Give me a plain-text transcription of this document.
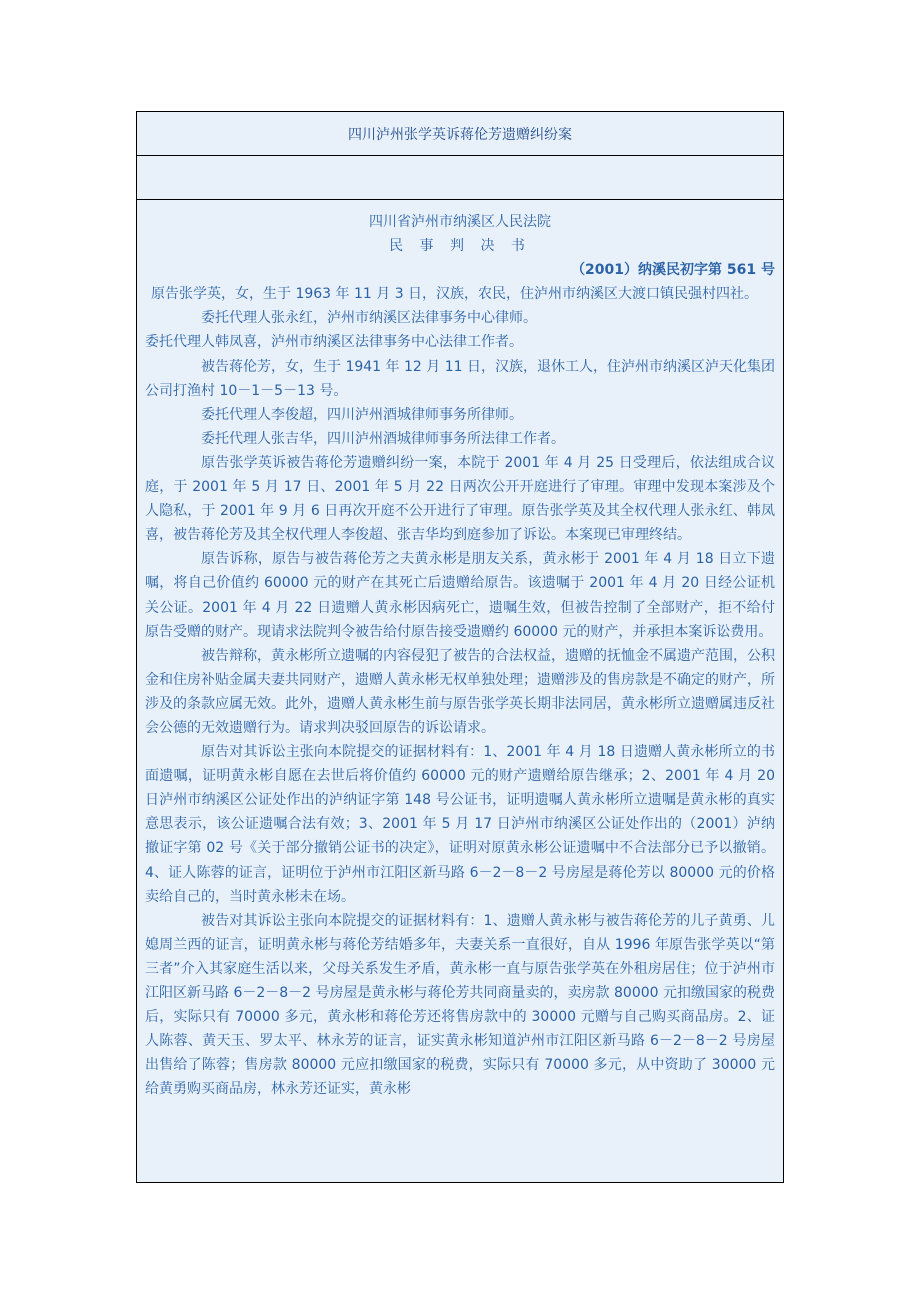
四川泸州张学英诉蒋伦芳遗赠纠纷案
四川省泸州市纳溪区人民法院
民 事 判 决 书
（2001）纳溪民初字第 561 号

原告张学英，女，生于 1963 年 11 月 3 日，汉族，农民，住泸州市纳溪区大渡口镇民强村四社。

委托代理人张永红，泸州市纳溪区法律事务中心律师。

委托代理人韩凤喜，泸州市纳溪区法律事务中心法律工作者。

被告蒋伦芳，女，生于 1941 年 12 月 11 日，汉族，退休工人，住泸州市纳溪区泸天化集团公司打渔村 10－1－5－13 号。

委托代理人李俊超，四川泸州酒城律师事务所律师。

委托代理人张吉华，四川泸州酒城律师事务所法律工作者。

原告张学英诉被告蒋伦芳遗赠纠纷一案，本院于 2001 年 4 月 25 日受理后，依法组成合议庭，于 2001 年 5 月 17 日、2001 年 5 月 22 日两次公开开庭进行了审理。审理中发现本案涉及个人隐私，于 2001 年 9 月 6 日再次开庭不公开进行了审理。原告张学英及其全权代理人张永红、韩凤喜，被告蒋伦芳及其全权代理人李俊超、张吉华均到庭参加了诉讼。本案现已审理终结。

原告诉称，原告与被告蒋伦芳之夫黄永彬是朋友关系，黄永彬于 2001 年 4 月 18 日立下遗嘱，将自己价值约 60000 元的财产在其死亡后遗赠给原告。该遗嘱于 2001 年 4 月 20 日经公证机关公证。2001 年 4 月 22 日遗赠人黄永彬因病死亡，遗嘱生效，但被告控制了全部财产，拒不给付原告受赠的财产。现请求法院判令被告给付原告接受遗赠约 60000 元的财产，并承担本案诉讼费用。

被告辩称，黄永彬所立遗嘱的内容侵犯了被告的合法权益，遗赠的抚恤金不属遗产范围，公积金和住房补贴金属夫妻共同财产，遗赠人黄永彬无权单独处理；遗赠涉及的售房款是不确定的财产，所涉及的条款应属无效。此外，遗赠人黄永彬生前与原告张学英长期非法同居，黄永彬所立遗赠属违反社会公德的无效遗赠行为。请求判决驳回原告的诉讼请求。

原告对其诉讼主张向本院提交的证据材料有：1、2001 年 4 月 18 日遗赠人黄永彬所立的书面遗嘱，证明黄永彬自愿在去世后将价值约 60000 元的财产遗赠给原告继承；2、2001 年 4 月 20 日泸州市纳溪区公证处作出的泸纳证字第 148 号公证书，证明遗嘱人黄永彬所立遗嘱是黄永彬的真实意思表示，该公证遗嘱合法有效；3、2001 年 5 月 17 日泸州市纳溪区公证处作出的（2001）泸纳撤证字第 02 号《关于部分撤销公证书的决定》，证明对原黄永彬公证遗嘱中不合法部分已予以撤销。4、证人陈蓉的证言，证明位于泸州市江阳区新马路 6－2－8－2 号房屋是蒋伦芳以 80000 元的价格卖给自己的，当时黄永彬未在场。

被告对其诉讼主张向本院提交的证据材料有：1、遗赠人黄永彬与被告蒋伦芳的儿子黄勇、儿媳周兰西的证言，证明黄永彬与蒋伦芳结婚多年，夫妻关系一直很好，自从 1996 年原告张学英以“第三者”介入其家庭生活以来，父母关系发生矛盾，黄永彬一直与原告张学英在外租房居住；位于泸州市江阳区新马路 6－2－8－2 号房屋是黄永彬与蒋伦芳共同商量卖的，卖房款 80000 元扣缴国家的税费后，实际只有 70000 多元，黄永彬和蒋伦芳还将售房款中的 30000 元赠与自己购买商品房。2、证人陈蓉、黄天玉、罗太平、林永芳的证言，证实黄永彬知道泸州市江阳区新马路 6－2－8－2 号房屋出售给了陈蓉；售房款 80000 元应扣缴国家的税费，实际只有 70000 多元，从中资助了 30000 元给黄勇购买商品房，林永芳还证实，黄永彬
